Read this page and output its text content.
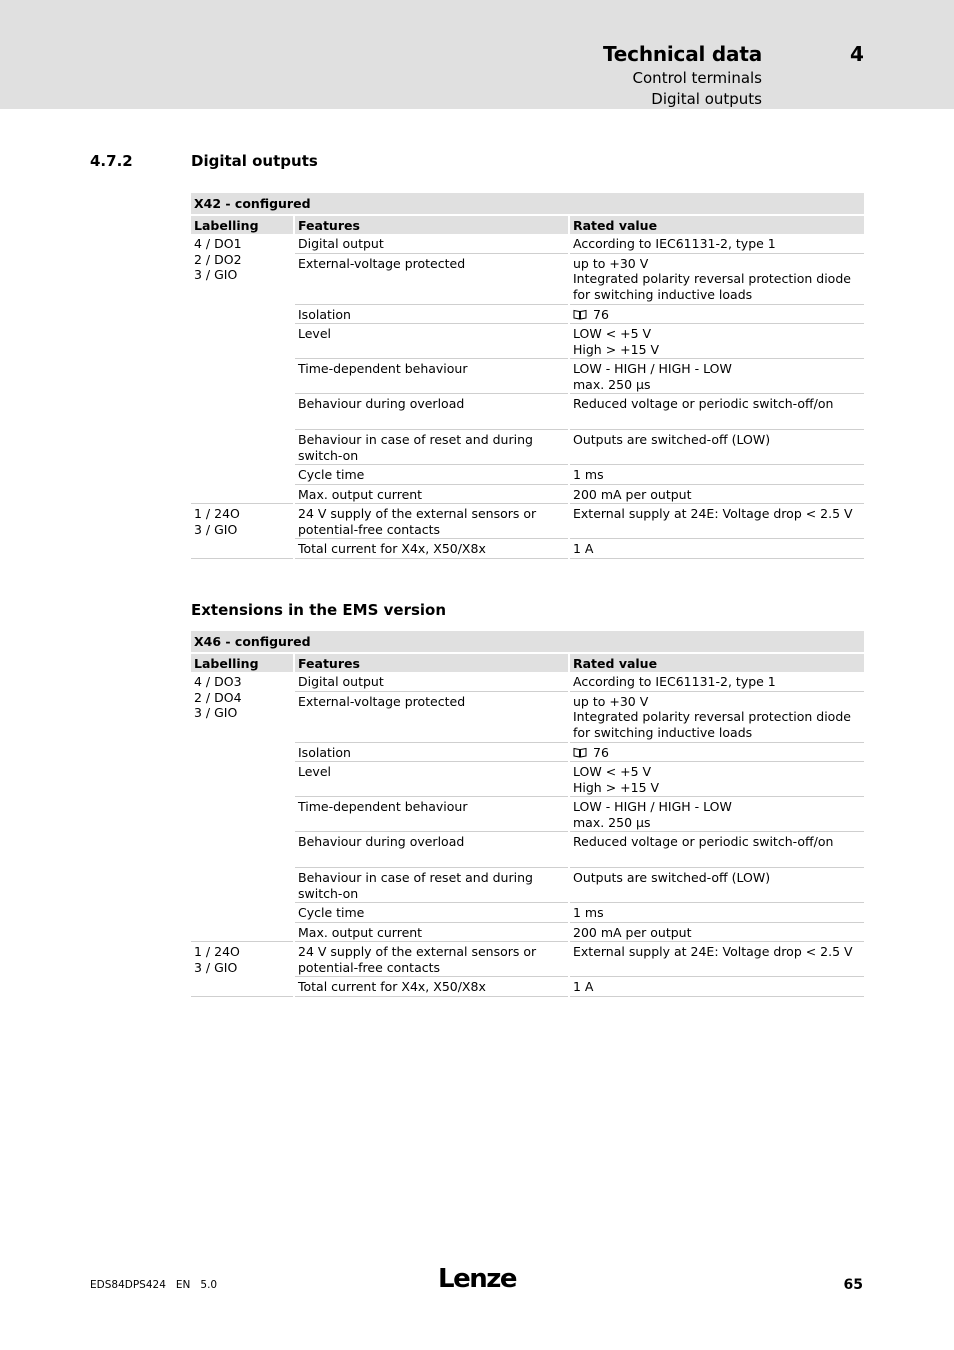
Technical data	4
Control terminals
Digital outputs
4.7.2	Digital outputs
X42 - configured		
Labelling	Features	Rated value
4 / DO1
2 / DO2
3 / GIO	Digital output	According to IEC61131-2, type 1
	External-voltage protected	up to +30 V
Integrated polarity reversal protection diode for switching inductive loads
	Isolation	76
	Level	LOW < +5 V
High > +15 V
	Time-dependent behaviour	LOW - HIGH / HIGH - LOW
max. 250 µs
	Behaviour during overload	Reduced voltage or periodic switch-off/on
	Behaviour in case of reset and during switch-on	Outputs are switched-off (LOW)
	Cycle time	1 ms
	Max. output current	200 mA per output
1 / 24O
3 / GIO	24 V supply of the external sensors or potential-free contacts	External supply at 24E: Voltage drop < 2.5 V
	Total current for X4x, X50/X8x	1 A
Extensions in the EMS version
X46 - configured		
Labelling	Features	Rated value
4 / DO3
2 / DO4
3 / GIO	Digital output	According to IEC61131-2, type 1
	External-voltage protected	up to +30 V
Integrated polarity reversal protection diode for switching inductive loads
	Isolation	76
	Level	LOW < +5 V
High > +15 V
	Time-dependent behaviour	LOW - HIGH / HIGH - LOW
max. 250 µs
	Behaviour during overload	Reduced voltage or periodic switch-off/on
	Behaviour in case of reset and during switch-on	Outputs are switched-off (LOW)
	Cycle time	1 ms
	Max. output current	200 mA per output
1 / 24O
3 / GIO	24 V supply of the external sensors or potential-free contacts	External supply at 24E: Voltage drop < 2.5 V
	Total current for X4x, X50/X8x	1 A
EDS84DPS424   EN   5.0	Lenze	65
